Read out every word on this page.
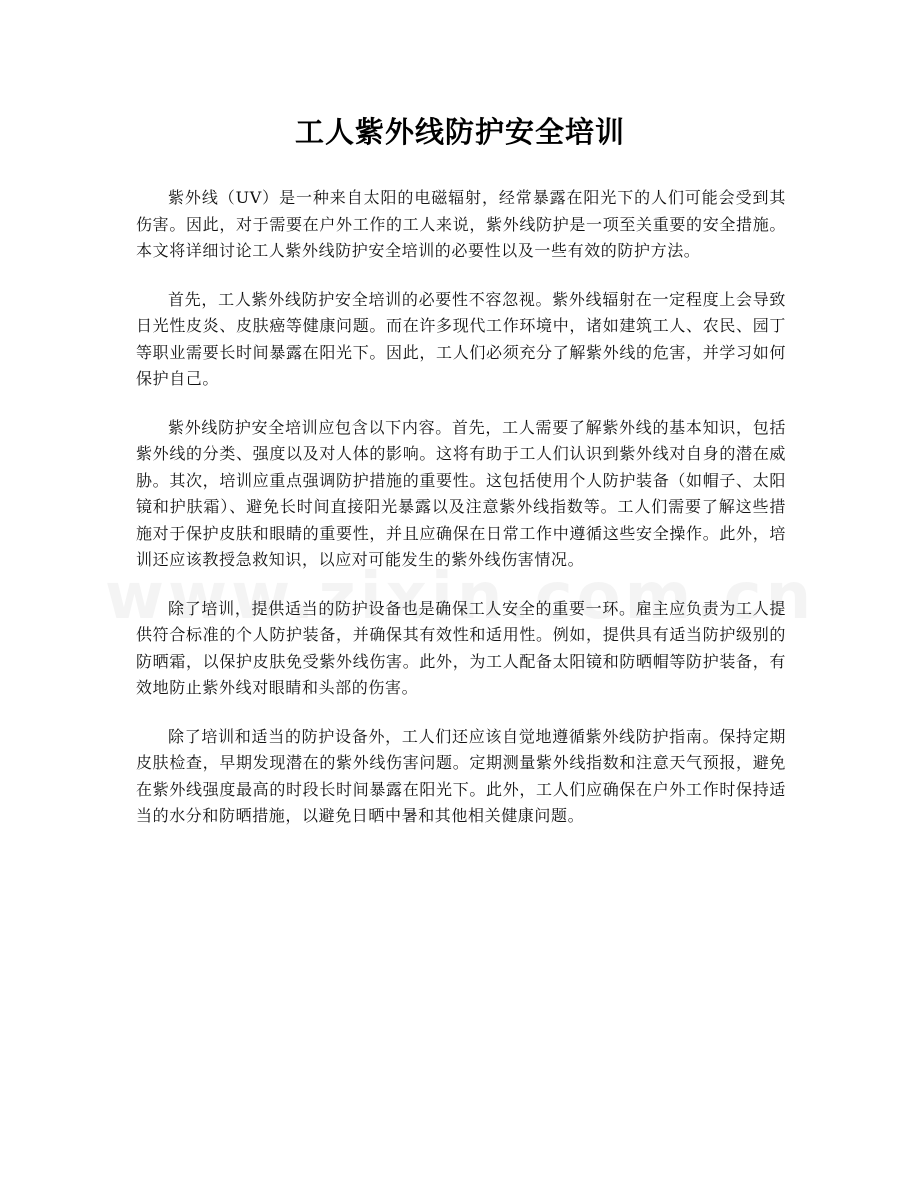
工人紫外线防护安全培训

紫外线（UV）是一种来自太阳的电磁辐射，经常暴露在阳光下的人们可能会受到其伤害。因此，对于需要在户外工作的工人来说，紫外线防护是一项至关重要的安全措施。本文将详细讨论工人紫外线防护安全培训的必要性以及一些有效的防护方法。

首先，工人紫外线防护安全培训的必要性不容忽视。紫外线辐射在一定程度上会导致日光性皮炎、皮肤癌等健康问题。而在许多现代工作环境中，诸如建筑工人、农民、园丁等职业需要长时间暴露在阳光下。因此，工人们必须充分了解紫外线的危害，并学习如何保护自己。

紫外线防护安全培训应包含以下内容。首先，工人需要了解紫外线的基本知识，包括紫外线的分类、强度以及对人体的影响。这将有助于工人们认识到紫外线对自身的潜在威胁。其次，培训应重点强调防护措施的重要性。这包括使用个人防护装备（如帽子、太阳镜和护肤霜）、避免长时间直接阳光暴露以及注意紫外线指数等。工人们需要了解这些措施对于保护皮肤和眼睛的重要性，并且应确保在日常工作中遵循这些安全操作。此外，培训还应该教授急救知识，以应对可能发生的紫外线伤害情况。

除了培训，提供适当的防护设备也是确保工人安全的重要一环。雇主应负责为工人提供符合标准的个人防护装备，并确保其有效性和适用性。例如，提供具有适当防护级别的防晒霜，以保护皮肤免受紫外线伤害。此外，为工人配备太阳镜和防晒帽等防护装备，有效地防止紫外线对眼睛和头部的伤害。

除了培训和适当的防护设备外，工人们还应该自觉地遵循紫外线防护指南。保持定期皮肤检查，早期发现潜在的紫外线伤害问题。定期测量紫外线指数和注意天气预报，避免在紫外线强度最高的时段长时间暴露在阳光下。此外，工人们应确保在户外工作时保持适当的水分和防晒措施，以避免日晒中暑和其他相关健康问题。
